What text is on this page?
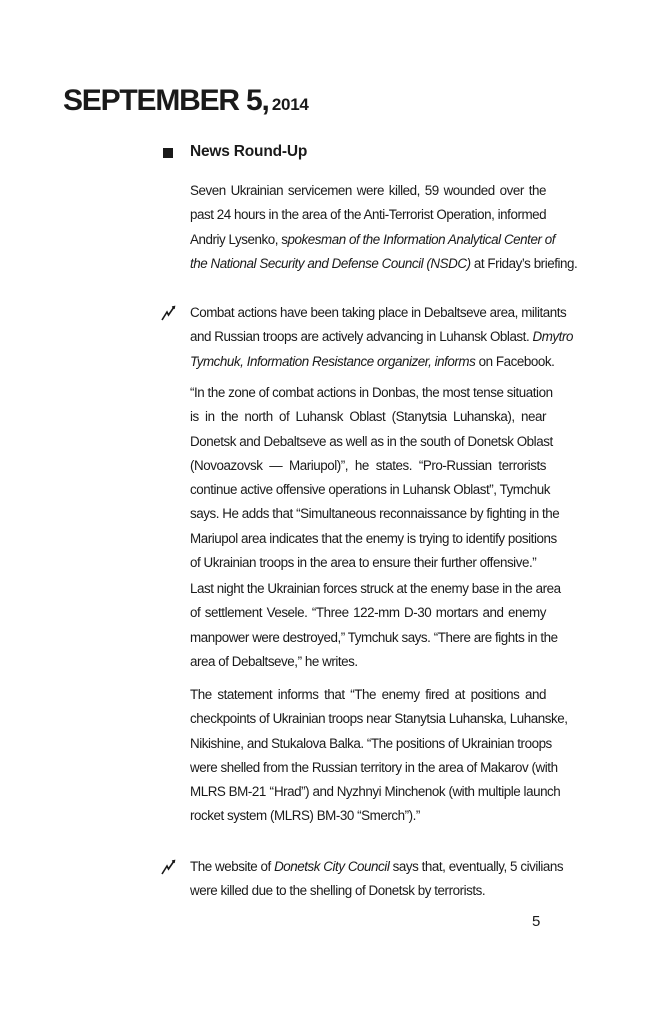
SEPTEMBER 5, 2014
News Round-Up
Seven Ukrainian servicemen were killed, 59 wounded over the
past 24 hours in the area of the Anti-Terrorist Operation, informed
Andriy Lysenko, spokesman of the Information Analytical Center of
the National Security and Defense Council (NSDC) at Friday’s briefing.
Combat actions have been taking place in Debaltseve area, militants
and Russian troops are actively advancing in Luhansk Oblast. Dmytro
Tymchuk, Information Resistance organizer, informs on Facebook.
“In the zone of combat actions in Donbas, the most tense situation
is in the north of Luhansk Oblast (Stanytsia Luhanska), near
Donetsk and Debaltseve as well as in the south of Donetsk Oblast
(Novoazovsk — Mariupol)”, he states. “Pro-Russian terrorists
continue active offensive operations in Luhansk Oblast”, Tymchuk
says. He adds that “Simultaneous reconnaissance by fighting in the
Mariupol area indicates that the enemy is trying to identify positions
of Ukrainian troops in the area to ensure their further offensive.”
Last night the Ukrainian forces struck at the enemy base in the area
of settlement Vesele. “Three 122-mm D-30 mortars and enemy
manpower were destroyed,” Tymchuk says. “There are fights in the
area of Debaltseve,” he writes.
The statement informs that “The enemy fired at positions and
checkpoints of Ukrainian troops near Stanytsia Luhanska, Luhanske,
Nikishine, and Stukalova Balka. “The positions of Ukrainian troops
were shelled from the Russian territory in the area of Makarov (with
MLRS BM-21 ‘‘Hrad”) and Nyzhnyi Minchenok (with multiple launch
rocket system (MLRS) BM-30 “Smerch”).”
The website of Donetsk City Council says that, eventually, 5 civilians
were killed due to the shelling of Donetsk by terrorists.
5
